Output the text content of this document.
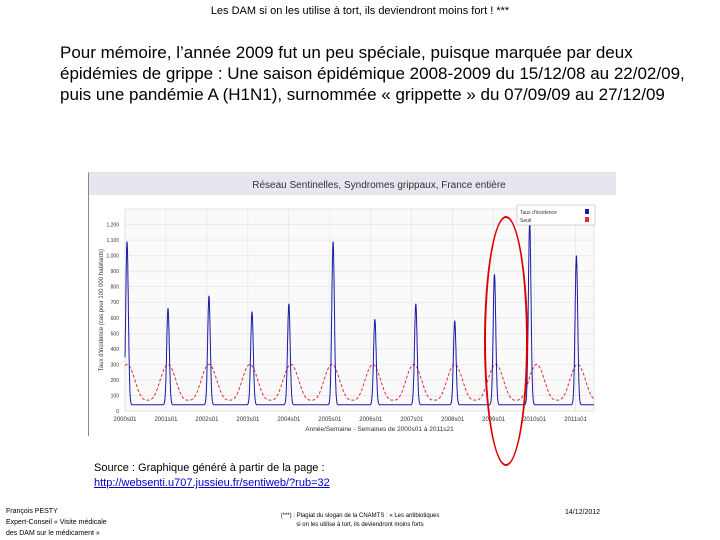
Les DAM si on les utilise à tort, ils deviendront moins fort ! ***
Pour mémoire, l’année 2009 fut un peu spéciale, puisque marquée par deux épidémies de grippe : Une saison épidémique 2008-2009 du 15/12/08 au 22/02/09, puis une pandémie A (H1N1), surnommée « grippette » du 07/09/09 au 27/12/09
Réseau Sentinelles, Syndromes grippaux, France entière
0
100
200
300
400
500
600
700
800
900
1,000
1,100
1,200
2000s01	2001s01	2002s01	2003s01	2004s01	2005s01	2006s01	2007s01	2008s01	2009s01	2010s01	2011s01
Année/Semaine - Semaines de 2000s01 à 2011s21
Taux d'incidence (cas pour 100 000 habitants)
Taux d'incidence
Seuil
Source : Graphique généré à partir de la page :
http://websenti.u707.jussieu.fr/sentiweb/?rub=32
François PESTY
Expert-Conseil « Visite médicale
des DAM sur le médicament »
(***) : Plagiat du slogan de la CNAMTS : « Les antibiotiques
si on les utilise à tort, ils deviendront moins forts
14/12/2012
